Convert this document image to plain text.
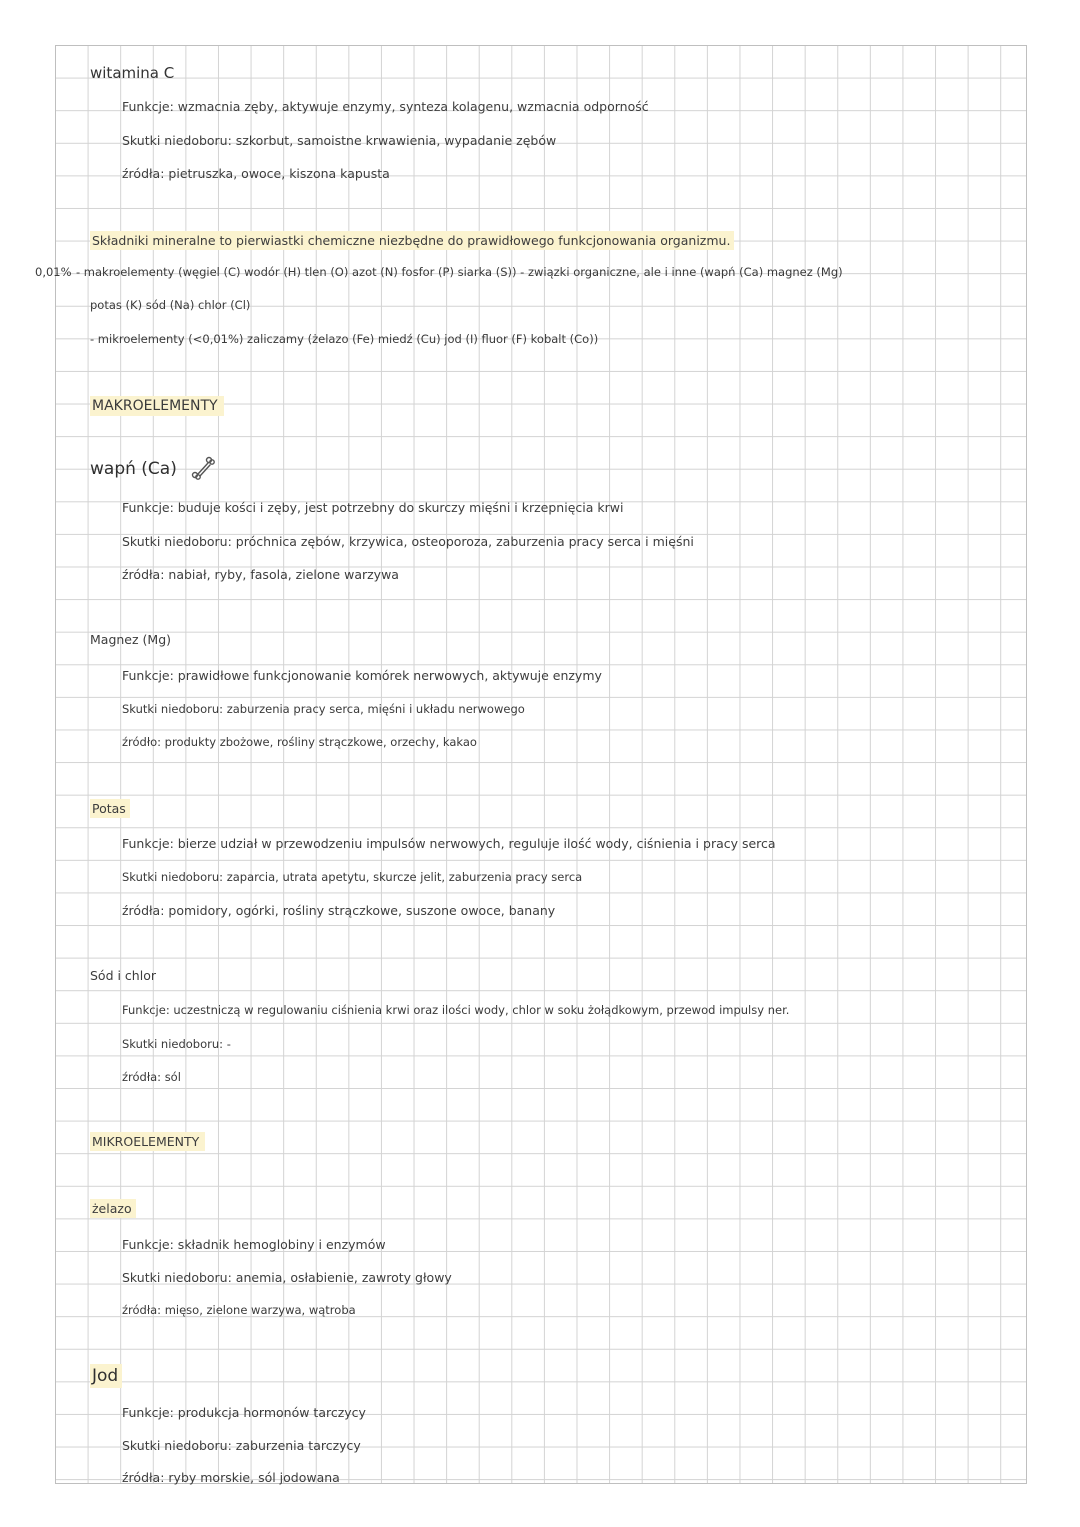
witamina C
Funkcje: wzmacnia zęby, aktywuje enzymy, synteza kolagenu, wzmacnia odporność
Skutki niedoboru: szkorbut, samoistne krwawienia, wypadanie zębów
źródła: pietruszka, owoce, kiszona kapusta
Składniki mineralne to pierwiastki chemiczne niezbędne do prawidłowego funkcjonowania organizmu.
0,01% - makroelementy (węgiel (C) wodór (H) tlen (O) azot (N) fosfor (P) siarka (S)) - związki organiczne, ale i inne (wapń (Ca) magnez (Mg)
potas (K) sód (Na) chlor (Cl)
- mikroelementy (<0,01%) zaliczamy (żelazo (Fe) miedź (Cu) jod (I) fluor (F) kobalt (Co))
MAKROELEMENTY
wapń (Ca)
Funkcje: buduje kości i zęby, jest potrzebny do skurczy mięśni i krzepnięcia krwi
Skutki niedoboru: próchnica zębów, krzywica, osteoporoza, zaburzenia pracy serca i mięśni
źródła: nabiał, ryby, fasola, zielone warzywa
Magnez (Mg)
Funkcje: prawidłowe funkcjonowanie komórek nerwowych, aktywuje enzymy
Skutki niedoboru: zaburzenia pracy serca, mięśni i układu nerwowego
źródło: produkty zbożowe, rośliny strączkowe, orzechy, kakao
Potas
Funkcje: bierze udział w przewodzeniu impulsów nerwowych, reguluje ilość wody, ciśnienia i pracy serca
Skutki niedoboru: zaparcia, utrata apetytu, skurcze jelit, zaburzenia pracy serca
źródła: pomidory, ogórki, rośliny strączkowe, suszone owoce, banany
Sód i chlor
Funkcje: uczestniczą w regulowaniu ciśnienia krwi oraz ilości wody, chlor w soku żołądkowym, przewod impulsy ner.
Skutki niedoboru: -
źródła: sól
MIKROELEMENTY
żelazo
Funkcje: składnik hemoglobiny i enzymów
Skutki niedoboru: anemia, osłabienie, zawroty głowy
źródła: mięso, zielone warzywa, wątroba
Jod
Funkcje: produkcja hormonów tarczycy
Skutki niedoboru: zaburzenia tarczycy
źródła: ryby morskie, sól jodowana
